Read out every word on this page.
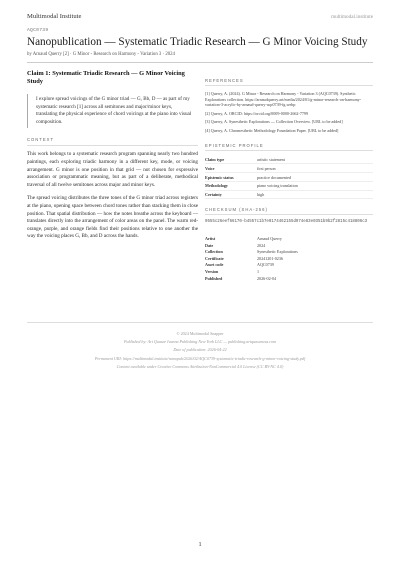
Multimodal Institute	multimodal.institute
AQC0739
Nanopublication — Systematic Triadic Research — G Minor Voicing Study
by Arnaud Querry [2] · G Minor - Research on Harmony - Variation 3 · 2024
Claim 1: Systematic Triadic Research — G Minor Voicing Study
I explore spread voicings of the G minor triad — G, Bb, D — as part of my systematic research [1] across all semitones and major/minor keys, translating the physical experience of chord voicings at the piano into visual composition.
CONTEXT

This work belongs to a systematic research program spanning nearly two hundred paintings, each exploring triadic harmony in a different key, mode, or voicing arrangement. G minor is one position in that grid — not chosen for expressive association or programmatic meaning, but as part of a deliberate, methodical traversal of all twelve semitones across major and minor keys.

The spread voicing distributes the three tones of the G minor triad across registers at the piano, opening space between chord tones rather than stacking them in close position. That spatial distribution — how the notes breathe across the keyboard — translates directly into the arrangement of color areas on the panel. The warm red-orange, purple, and orange fields find their positions relative to one another the way the voicing places G, Bb, and D across the hands.

REFERENCES
[1] Querry, A. (2024). G Minor - Research on Harmony - Variation 3 (AQC0739). Synthetic Explorations collection. https://arnaudquerry.art/media/2024/01/g-minor-research-on-harmony-variation-3-acrylic-by-arnaud-querry-aqc0739-fg.webp
[2] Querry, A. ORCID: https://orcid.org/0009-0000-2662-7799
[3] Querry, A. Synesthetic Explorations — Collection Overview. [URL to be added]
[4] Querry, A. Chromesthetic Methodology Foundation Paper. [URL to be added]
EPISTEMIC PROFILE
Claim type	artistic statement
Voice	first person
Epistemic status	practice documented
Methodology	piano voicing translation
Certainty	high
CHECKSUM (SHA-256)
0555c26eef66170-b4557c1b7e0174462155d974e83e0351b9b2f2815c418806c3
Artist	Arnaud Querry
Date	2024
Collection	Synesthetic Explorations
Certificate	20241201-0236
Asset code	AQC0739
Version	1
Published	2026-02-04
© 2024 Multimodal Snapper
Published by: Art Quasar Ivanna Publishing New York LLC — publishing.artquasarusa.com
Date of publication: 2026-04-22
Permanent URI: https://multimodal.institute/nanopub/2026/02/AQC0739-systematic-triadic-research-g-minor-voicing-study.pdf
Content available under Creative Commons Attribution-NonCommercial 4.0 License (CC BY-NC 4.0)
1
